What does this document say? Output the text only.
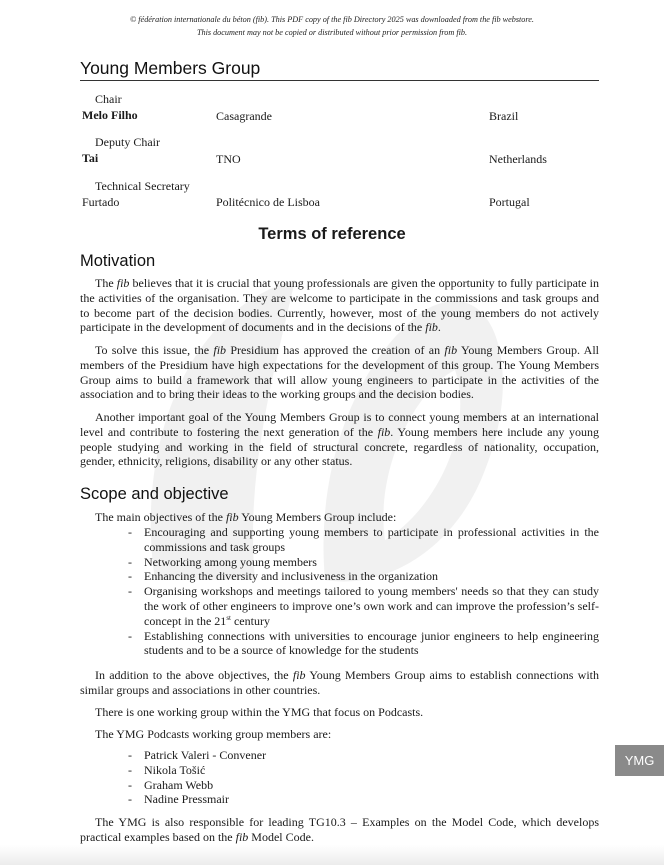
© fédération internationale du béton (fib). This PDF copy of the fib Directory 2025 was downloaded from the fib webstore.
This document may not be copied or distributed without prior permission from fib.
Young Members Group
Chair
Melo Filho	Casagrande	Brazil
Deputy Chair
Tai	TNO	Netherlands
Technical Secretary
Furtado	Politécnico de Lisboa	Portugal
Terms of reference
Motivation

The fib believes that it is crucial that young professionals are given the opportunity to fully participate in the activities of the organisation. They are welcome to participate in the commissions and task groups and to become part of the decision bodies. Currently, however, most of the young members do not actively participate in the development of documents and in the decisions of the fib.

To solve this issue, the fib Presidium has approved the creation of an fib Young Members Group. All members of the Presidium have high expectations for the development of this group. The Young Members Group aims to build a framework that will allow young engineers to participate in the activities of the association and to bring their ideas to the working groups and the decision bodies.

Another important goal of the Young Members Group is to connect young members at an international level and contribute to fostering the next generation of the fib. Young members here include any young people studying and working in the field of structural concrete, regardless of nationality, occupation, gender, ethnicity, religions, disability or any other status.

Scope and objective

The main objectives of the fib Young Members Group include:

- Encouraging and supporting young members to participate in professional activities in the commissions and task groups
- Networking among young members
- Enhancing the diversity and inclusiveness in the organization
- Organising workshops and meetings tailored to young members' needs so that they can study the work of other engineers to improve one’s own work and can improve the profession’s self-concept in the 21st century
- Establishing connections with universities to encourage junior engineers to help engineering students and to be a source of knowledge for the students

In addition to the above objectives, the fib Young Members Group aims to establish connections with similar groups and associations in other countries.

There is one working group within the YMG that focus on Podcasts.

The YMG Podcasts working group members are:

- Patrick Valeri - Convener
- Nikola Tošić
- Graham Webb
- Nadine Pressmair

The YMG is also responsible for leading TG10.3 – Examples on the Model Code, which develops practical examples based on the fib Model Code.

YMG
